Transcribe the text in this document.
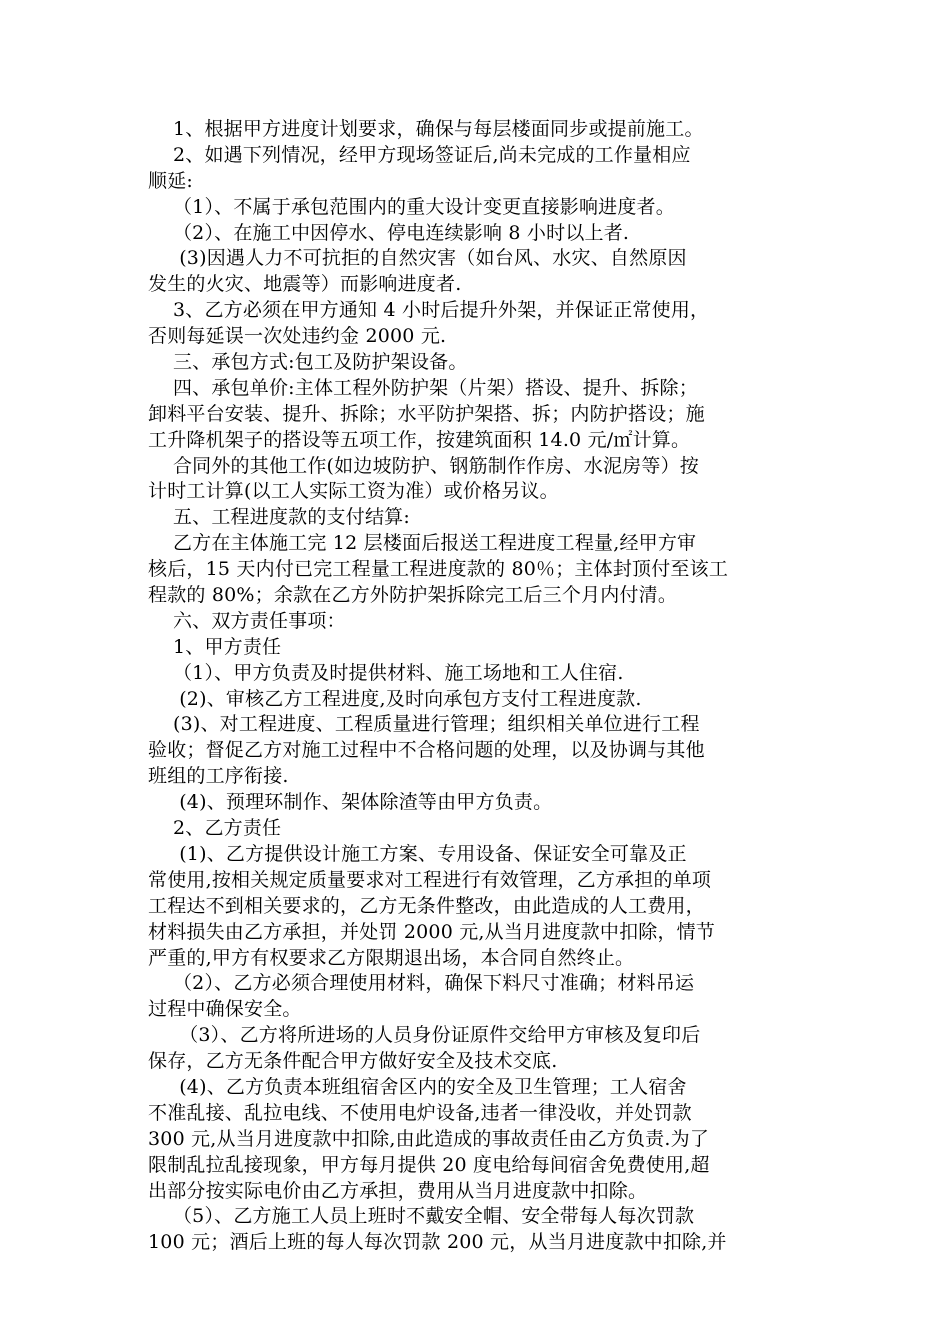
1、根据甲方进度计划要求，确保与每层楼面同步或提前施工。
2、如遇下列情况，经甲方现场签证后,尚未完成的工作量相应
顺延:
（1）、不属于承包范围内的重大设计变更直接影响进度者。
（2）、在施工中因停水、停电连续影响 8 小时以上者.
(3)因遇人力不可抗拒的自然灾害（如台风、水灾、自然原因
发生的火灾、地震等）而影响进度者.
3、乙方必须在甲方通知 4 小时后提升外架，并保证正常使用，
否则每延误一次处违约金 2000 元.
三、承包方式:包工及防护架设备。
四、承包单价:主体工程外防护架（片架）搭设、提升、拆除；
卸料平台安装、提升、拆除；水平防护架搭、拆；内防护搭设；施
工升降机架子的搭设等五项工作，按建筑面积 14.0 元/㎡计算。
合同外的其他工作(如边坡防护、钢筋制作作房、水泥房等）按
计时工计算(以工人实际工资为准）或价格另议。
五、工程进度款的支付结算:
乙方在主体施工完 12 层楼面后报送工程进度工程量,经甲方审
核后，15 天内付已完工程量工程进度款的 80％；主体封顶付至该工
程款的 80%；余款在乙方外防护架拆除完工后三个月内付清。
六、双方责任事项：
1、甲方责任
（1）、甲方负责及时提供材料、施工场地和工人住宿.
(2)、审核乙方工程进度,及时向承包方支付工程进度款.
(3)、对工程进度、工程质量进行管理；组织相关单位进行工程
验收；督促乙方对施工过程中不合格问题的处理，以及协调与其他
班组的工序衔接.
(4)、预理环制作、架体除渣等由甲方负责。
2、乙方责任
(1)、乙方提供设计施工方案、专用设备、保证安全可靠及正
常使用,按相关规定质量要求对工程进行有效管理，乙方承担的单项
工程达不到相关要求的，乙方无条件整改，由此造成的人工费用，
材料损失由乙方承担，并处罚 2000 元,从当月进度款中扣除，情节
严重的,甲方有权要求乙方限期退出场，本合同自然终止。
（2）、乙方必须合理使用材料，确保下料尺寸准确；材料吊运
过程中确保安全。
（3）、乙方将所进场的人员身份证原件交给甲方审核及复印后
保存，乙方无条件配合甲方做好安全及技术交底.
(4)、乙方负责本班组宿舍区内的安全及卫生管理；工人宿舍
不准乱接、乱拉电线、不使用电炉设备,违者一律没收，并处罚款
300 元,从当月进度款中扣除,由此造成的事故责任由乙方负责.为了
限制乱拉乱接现象，甲方每月提供 20 度电给每间宿舍免费使用,超
出部分按实际电价由乙方承担，费用从当月进度款中扣除。
（5）、乙方施工人员上班时不戴安全帽、安全带每人每次罚款
100 元；酒后上班的每人每次罚款 200 元，从当月进度款中扣除,并
